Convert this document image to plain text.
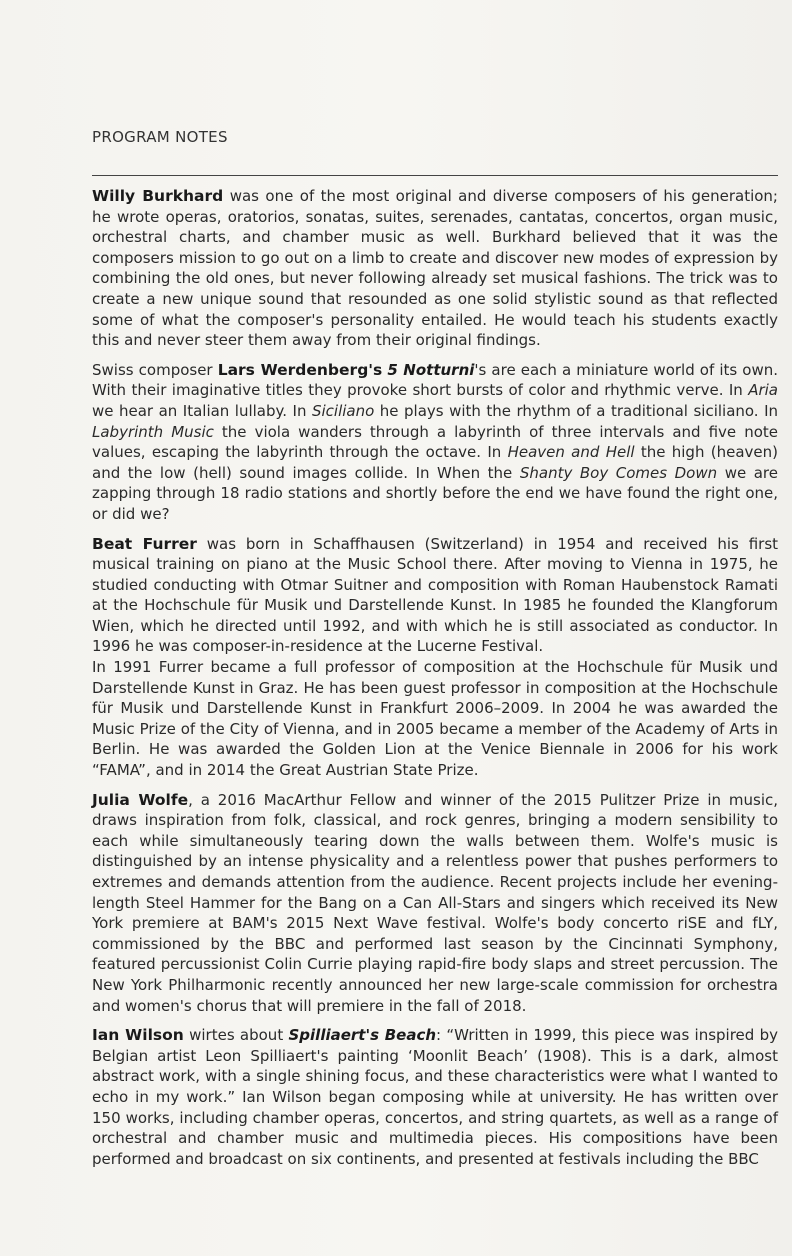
PROGRAM NOTES

Willy Burkhard was one of the most original and diverse composers of his generation; he wrote operas, oratorios, sonatas, suites, serenades, cantatas, concertos, organ music, orchestral charts, and chamber music as well. Burkhard believed that it was the composers mission to go out on a limb to create and discover new modes of expression by combining the old ones, but never following already set musical fashions. The trick was to create a new unique sound that resounded as one solid stylistic sound as that reflected some of what the composer's personality entailed. He would teach his students exactly this and never steer them away from their original findings.

Swiss composer Lars Werdenberg's 5 Notturni's are each a miniature world of its own. With their imaginative titles they provoke short bursts of color and rhythmic verve. In Aria we hear an Italian lullaby. In Siciliano he plays with the rhythm of a traditional siciliano. In Labyrinth Music the viola wanders through a labyrinth of three intervals and five note values, escaping the labyrinth through the octave. In Heaven and Hell the high (heaven) and the low (hell) sound images collide. In When the Shanty Boy Comes Down we are zapping through 18 radio stations and shortly before the end we have found the right one, or did we?

Beat Furrer was born in Schaffhausen (Switzerland) in 1954 and received his first musical training on piano at the Music School there. After moving to Vienna in 1975, he studied conducting with Otmar Suitner and composition with Roman Haubenstock Ramati at the Hochschule für Musik und Darstellende Kunst. In 1985 he founded the Klangforum Wien, which he directed until 1992, and with which he is still associated as conductor. In 1996 he was composer-in-residence at the Lucerne Festival.

In 1991 Furrer became a full professor of composition at the Hochschule für Musik und Darstellende Kunst in Graz. He has been guest professor in composition at the Hochschule für Musik und Darstellende Kunst in Frankfurt 2006–2009. In 2004 he was awarded the Music Prize of the City of Vienna, and in 2005 became a member of the Academy of Arts in Berlin. He was awarded the Golden Lion at the Venice Biennale in 2006 for his work “FAMA”, and in 2014 the Great Austrian State Prize.

Julia Wolfe, a 2016 MacArthur Fellow and winner of the 2015 Pulitzer Prize in music, draws inspiration from folk, classical, and rock genres, bringing a modern sensibility to each while simultaneously tearing down the walls between them. Wolfe's music is distinguished by an intense physicality and a relentless power that pushes performers to extremes and demands attention from the audience. Recent projects include her evening-length Steel Hammer for the Bang on a Can All-Stars and singers which received its New York premiere at BAM's 2015 Next Wave festival. Wolfe's body concerto riSE and fLY, commissioned by the BBC and performed last season by the Cincinnati Symphony, featured percussionist Colin Currie playing rapid-fire body slaps and street percussion. The New York Philharmonic recently announced her new large-scale commission for orchestra and women's chorus that will premiere in the fall of 2018.

Ian Wilson wirtes about Spilliaert's Beach: “Written in 1999, this piece was inspired by Belgian artist Leon Spilliaert's painting ‘Moonlit Beach’ (1908). This is a dark, almost abstract work, with a single shining focus, and these characteristics were what I wanted to echo in my work.” Ian Wilson began composing while at university. He has written over 150 works, including chamber operas, concertos, and string quartets, as well as a range of orchestral and chamber music and multimedia pieces. His compositions have been performed and broadcast on six continents, and presented at festivals including the BBC
